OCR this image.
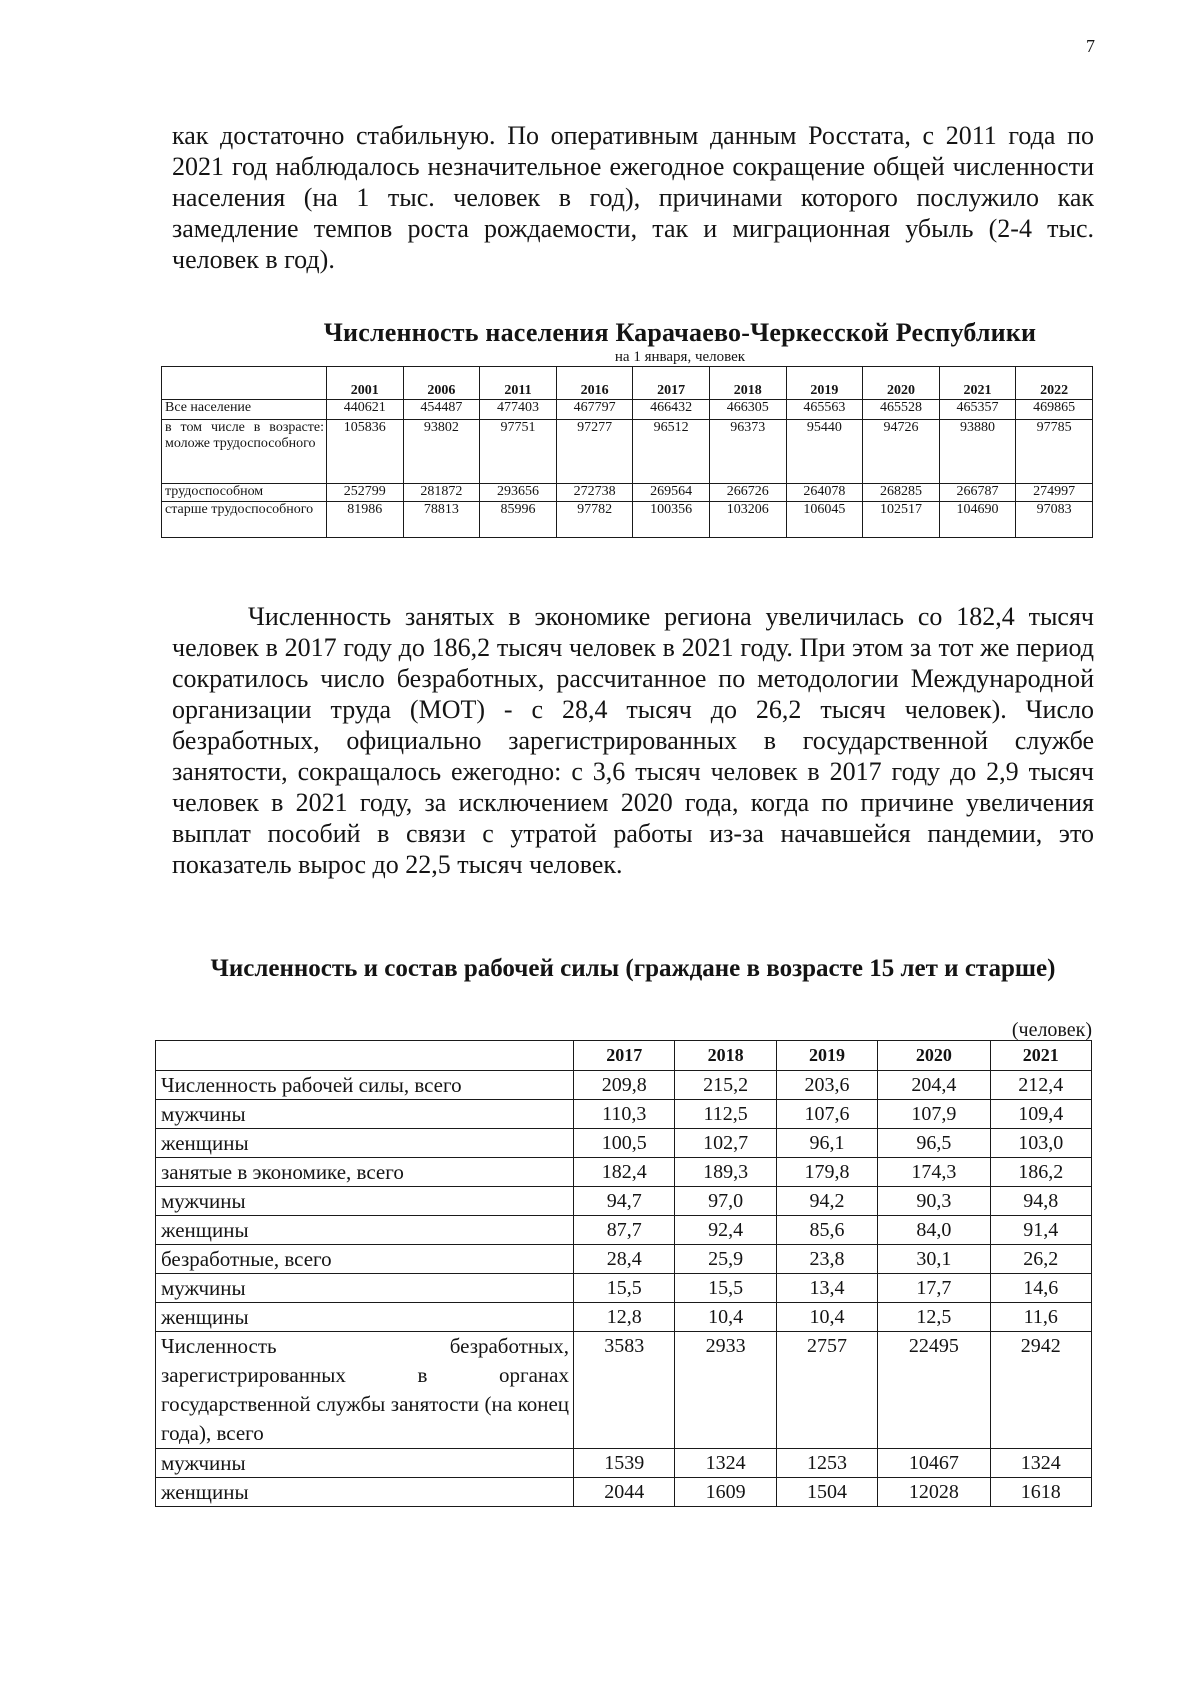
7

как достаточно стабильную. По оперативным данным Росстата, с 2011 года по 2021 год наблюдалось незначительное ежегодное сокращение общей численности населения (на 1 тыс. человек в год), причинами которого послужило как замедление темпов роста рождаемости, так и миграционная убыль (2-4 тыс. человек в год).

Численность населения Карачаево-Черкесской Республики
на 1 января, человек
	2001	2006	2011	2016	2017	2018	2019	2020	2021	2022
Все население	440621	454487	477403	467797	466432	466305	465563	465528	465357	469865
в том числе в возрасте: моложе трудоспособного	105836	93802	97751	97277	96512	96373	95440	94726	93880	97785
трудоспособном	252799	281872	293656	272738	269564	266726	264078	268285	266787	274997
старше трудоспособного	81986	78813	85996	97782	100356	103206	106045	102517	104690	97083

Численность занятых в экономике региона увеличилась со 182,4 тысяч человек в 2017 году до 186,2 тысяч человек в 2021 году. При этом за тот же период сократилось число безработных, рассчитанное по методологии Международной организации труда (МОТ) - с 28,4 тысяч до 26,2 тысяч человек). Число безработных, официально зарегистрированных в государственной службе занятости, сокращалось ежегодно: с 3,6 тысяч человек в 2017 году до 2,9 тысяч человек в 2021 году, за исключением 2020 года, когда по причине увеличения выплат пособий в связи с утратой работы из-за начавшейся пандемии, это показатель вырос до 22,5 тысяч человек.

Численность и состав рабочей силы (граждане в возрасте 15 лет и старше)
(человек)
	2017	2018	2019	2020	2021
Численность рабочей силы, всего	209,8	215,2	203,6	204,4	212,4
мужчины	110,3	112,5	107,6	107,9	109,4
женщины	100,5	102,7	96,1	96,5	103,0
занятые в экономике, всего	182,4	189,3	179,8	174,3	186,2
мужчины	94,7	97,0	94,2	90,3	94,8
женщины	87,7	92,4	85,6	84,0	91,4
безработные, всего	28,4	25,9	23,8	30,1	26,2
мужчины	15,5	15,5	13,4	17,7	14,6
женщины	12,8	10,4	10,4	12,5	11,6
Численность безработных, зарегистрированных в органах государственной службы занятости (на конец года), всего	3583	2933	2757	22495	2942
мужчины	1539	1324	1253	10467	1324
женщины	2044	1609	1504	12028	1618
